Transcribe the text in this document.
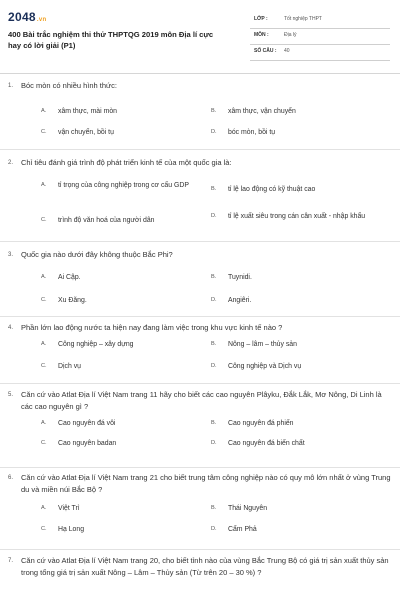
2048.vn
400 Bài trắc nghiệm thi thử THPTQG 2019 môn Địa lí cực hay có lời giải (P1)
LỚP :	Tốt nghiệp THPT
MÔN :	Địa lý
SỐ CÂU : 40
1. Bóc mòn có nhiều hình thức:
A.	xâm thực, mài mòn	B.	xâm thực, vận chuyển
C.	vận chuyển, bồi tụ	D.	bóc mòn, bồi tụ
2. Chỉ tiêu đánh giá trình độ phát triển kinh tế của một quốc gia là:
A.	tỉ trọng của công nghiệp trong cơ cấu GDP	B.	tỉ lệ lao động có kỹ thuật cao
C.	trình độ văn hoá của người dân
D.	tỉ lệ xuất siêu trong cán cân xuất - nhập khẩu
3. Quốc gia nào dưới đây không thuộc Bắc Phi?
A.	Ai Cập.	B.	Tuynidi.
C.	Xu Đăng.	D.	Angiêri.
4. Phần lớn lao động nước ta hiện nay đang làm việc trong khu vực kinh tế nào ?
A.	Công nghiệp – xây dựng	B.	Nông – lâm – thủy sản
C.	Dịch vụ	D.	Công nghiệp và Dịch vụ
5. Căn cứ vào Atlat Địa lí Việt Nam trang 11 hãy cho biết các cao nguyên Plâyku, Đắk Lắk, Mơ Nông, Di Linh là các cao nguyên gì ?
A.	Cao nguyên đá vôi	B.	Cao nguyên đá phiến
C.	Cao nguyên badan	D.	Cao nguyên đá biến chất
6. Căn cứ vào Atlat Địa lí Việt Nam trang 21 cho biết trung tâm công nghiệp nào có quy mô lớn nhất ở vùng Trung du và miền núi Bắc Bộ ?
A.	Việt Trì	B.	Thái Nguyên
C.	Hạ Long	D.	Cẩm Phả
7. Căn cứ vào Atlat Địa lí Việt Nam trang 20, cho biết tỉnh nào của vùng Bắc Trung Bộ có giá trị sản xuất thủy sản trong tổng giá trị sản xuất Nông – Lâm – Thủy sản (Từ trên 20 – 30 %) ?
